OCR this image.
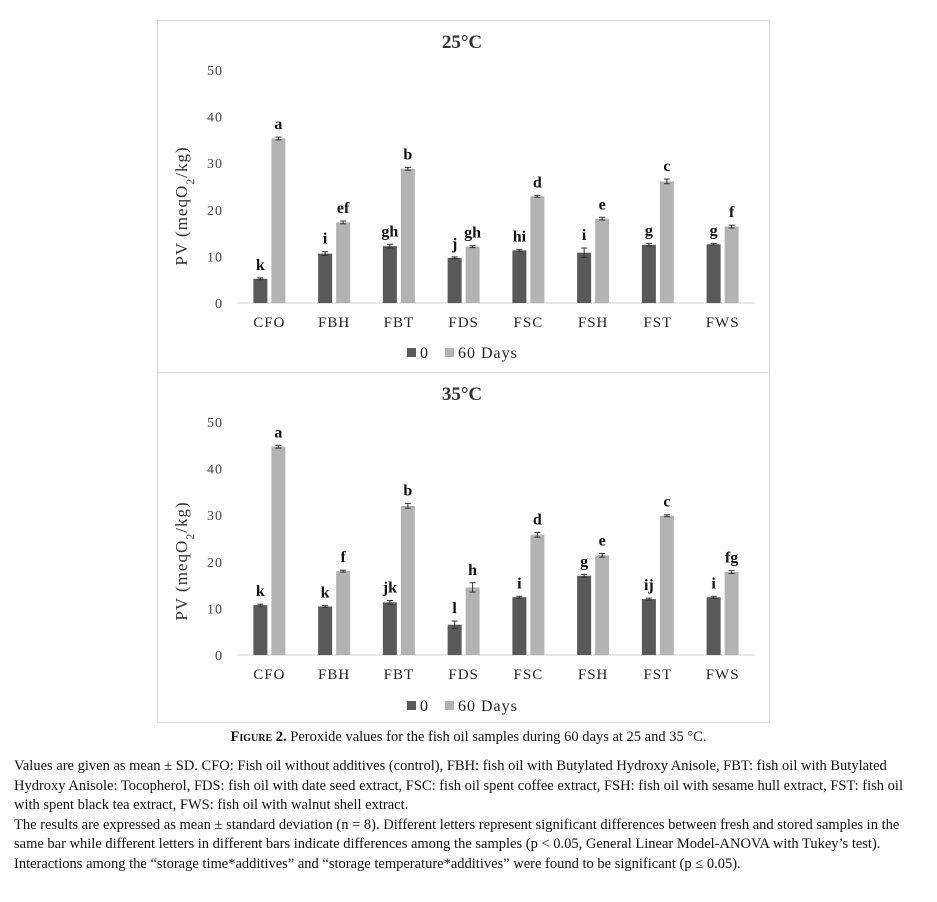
25°C
0
10
20
30
40
50
PV (meqO$_2$/kg)
k
a
CFO
i
ef
FBH
gh
b
FBT
j
gh
FDS
hi
d
FSC
i
e
FSH
g
c
FST
g
f
FWS
0 60 Days
35°C
0
10
20
30
40
50
PV (meqO$_2$/kg)
k
a
CFO
k
f
FBH
jk
b
FBT
l
h
FDS
i
d
FSC
g
e
FSH
ij
c
FST
i
fg
FWS
0 60 Days
Figure 2. Peroxide values for the fish oil samples during 60 days at 25 and 35 °C.

Values are given as mean ± SD. CFO: Fish oil without additives (control), FBH: fish oil with Butylated Hydroxy Anisole, FBT: fish oil with Butylated Hydroxy Anisole: Tocopherol, FDS: fish oil with date seed extract, FSC: fish oil spent coffee extract, FSH: fish oil with sesame hull extract, FST: fish oil with spent black tea extract, FWS: fish oil with walnut shell extract.

The results are expressed as mean ± standard deviation (n = 8). Different letters represent significant differences between fresh and stored samples in the same bar while different letters in different bars indicate differences among the samples (p < 0.05, General Linear Model-ANOVA with Tukey’s test). Interactions among the “storage time*additives” and “storage temperature*additives” were found to be significant (p ≤ 0.05).
